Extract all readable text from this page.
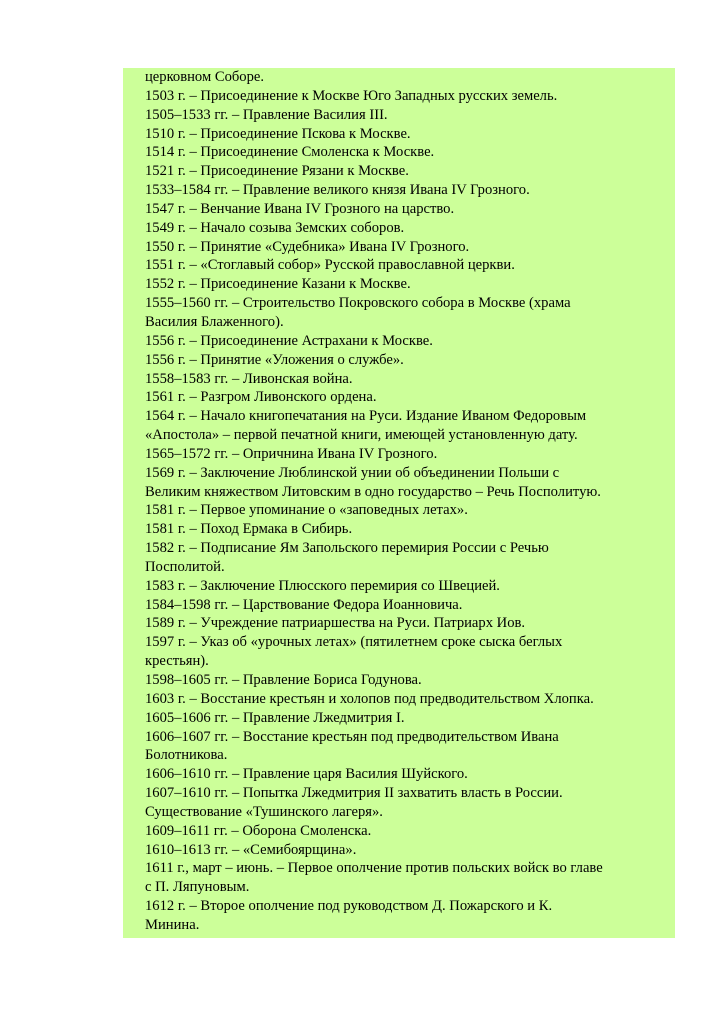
церковном Соборе.
1503 г. – Присоединение к Москве Юго Западных русских земель.
1505–1533 гг. – Правление Василия III.
1510 г. – Присоединение Пскова к Москве.
1514 г. – Присоединение Смоленска к Москве.
1521 г. – Присоединение Рязани к Москве.
1533–1584 гг. – Правление великого князя Ивана IV Грозного.
1547 г. – Венчание Ивана IV Грозного на царство.
1549 г. – Начало созыва Земских соборов.
1550 г. – Принятие «Судебника» Ивана IV Грозного.
1551 г. – «Стоглавый собор» Русской православной церкви.
1552 г. – Присоединение Казани к Москве.
1555–1560 гг. – Строительство Покровского собора в Москве (храма
Василия Блаженного).
1556 г. – Присоединение Астрахани к Москве.
1556 г. – Принятие «Уложения о службе».
1558–1583 гг. – Ливонская война.
1561 г. – Разгром Ливонского ордена.
1564 г. – Начало книгопечатания на Руси. Издание Иваном Федоровым
«Апостола» – первой печатной книги, имеющей установленную дату.
1565–1572 гг. – Опричнина Ивана IV Грозного.
1569 г. – Заключение Люблинской унии об объединении Польши с
Великим княжеством Литовским в одно государство – Речь Посполитую.
1581 г. – Первое упоминание о «заповедных летах».
1581 г. – Поход Ермака в Сибирь.
1582 г. – Подписание Ям Запольского перемирия России с Речью
Посполитой.
1583 г. – Заключение Плюсского перемирия со Швецией.
1584–1598 гг. – Царствование Федора Иоанновича.
1589 г. – Учреждение патриаршества на Руси. Патриарх Иов.
1597 г. – Указ об «урочных летах» (пятилетнем сроке сыска беглых
крестьян).
1598–1605 гг. – Правление Бориса Годунова.
1603 г. – Восстание крестьян и холопов под предводительством Хлопка.
1605–1606 гг. – Правление Лжедмитрия I.
1606–1607 гг. – Восстание крестьян под предводительством Ивана
Болотникова.
1606–1610 гг. – Правление царя Василия Шуйского.
1607–1610 гг. – Попытка Лжедмитрия II захватить власть в России.
Существование «Тушинского лагеря».
1609–1611 гг. – Оборона Смоленска.
1610–1613 гг. – «Семибоярщина».
1611 г., март – июнь. – Первое ополчение против польских войск во главе
с П. Ляпуновым.
1612 г. – Второе ополчение под руководством Д. Пожарского и К.
Минина.
